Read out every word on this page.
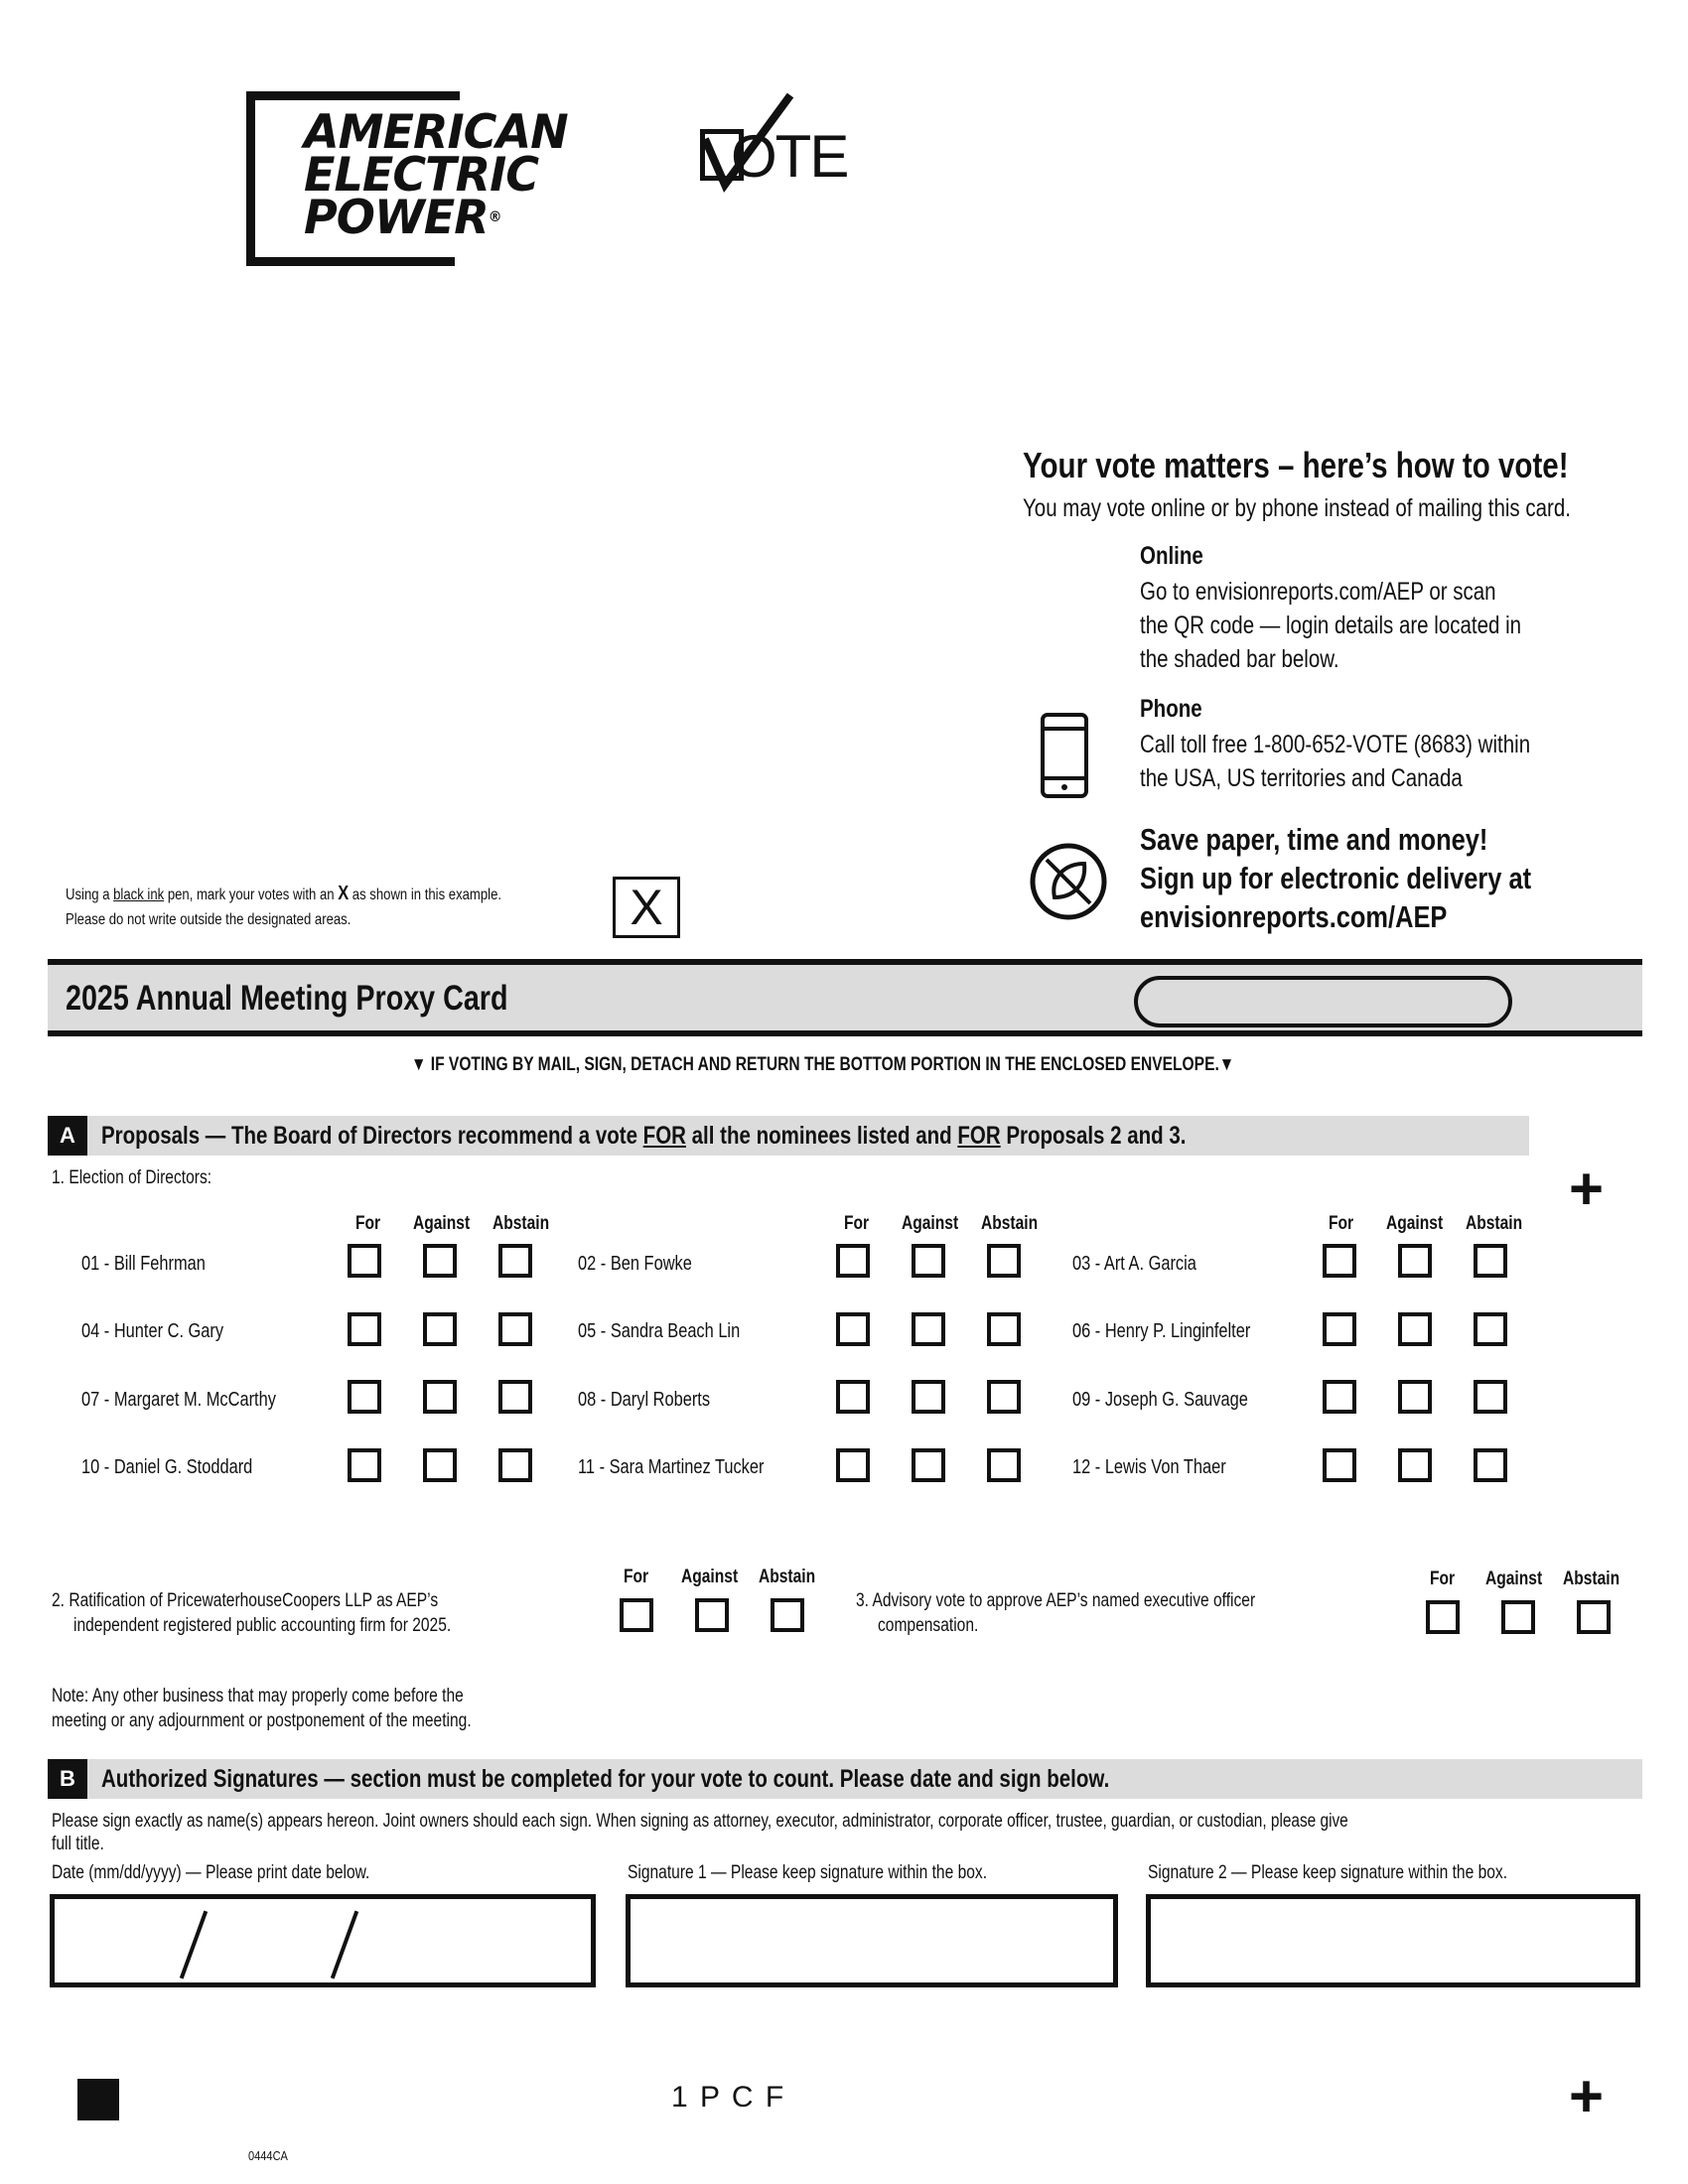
AMERICAN
ELECTRIC
POWER®
OTE
Your vote matters – here’s how to vote!
You may vote online or by phone instead of mailing this card.
Online
Go to envisionreports.com/AEP or scan
the QR code — login details are located in
the shaded bar below.
Phone
Call toll free 1-800-652-VOTE (8683) within
the USA, US territories and Canada
Save paper, time and money!
Sign up for electronic delivery at
envisionreports.com/AEP
Using a black ink pen, mark your votes with an X as shown in this example.
Please do not write outside the designated areas.	X
2025 Annual Meeting Proxy Card
▼ IF VOTING BY MAIL, SIGN, DETACH AND RETURN THE BOTTOM PORTION IN THE ENCLOSED ENVELOPE.▼
A	Proposals — The Board of Directors recommend a vote FOR all the nominees listed and FOR Proposals 2 and 3.
+
1. Election of Directors:
For Against	Abstain	For Against	Abstain	For Against	Abstain
01 - Bill Fehrman	02 - Ben Fowke	03 - Art A. Garcia
04 - Hunter C. Gary	05 - Sandra Beach Lin	06 - Henry P. Linginfelter
07 - Margaret M. McCarthy	08 - Daryl Roberts	09 - Joseph G. Sauvage
10 - Daniel G. Stoddard	11 - Sara Martinez Tucker	12 - Lewis Von Thaer
2. Ratification of PricewaterhouseCoopers LLP as AEP’s
independent registered public accounting firm for 2025.
For Against	Abstain
3. Advisory vote to approve AEP’s named executive officer
compensation.
For Against	Abstain
Note: Any other business that may properly come before the
meeting or any adjournment or postponement of the meeting.
B	Authorized Signatures — section must be completed for your vote to count. Please date and sign below.
Please sign exactly as name(s) appears hereon. Joint owners should each sign. When signing as attorney, executor, administrator, corporate officer, trustee, guardian, or custodian, please give
full title.
Date (mm/dd/yyyy) — Please print date below.	Signature 1 — Please keep signature within the box.	Signature 2 — Please keep signature within the box.
1 P C F	+
0444CA
